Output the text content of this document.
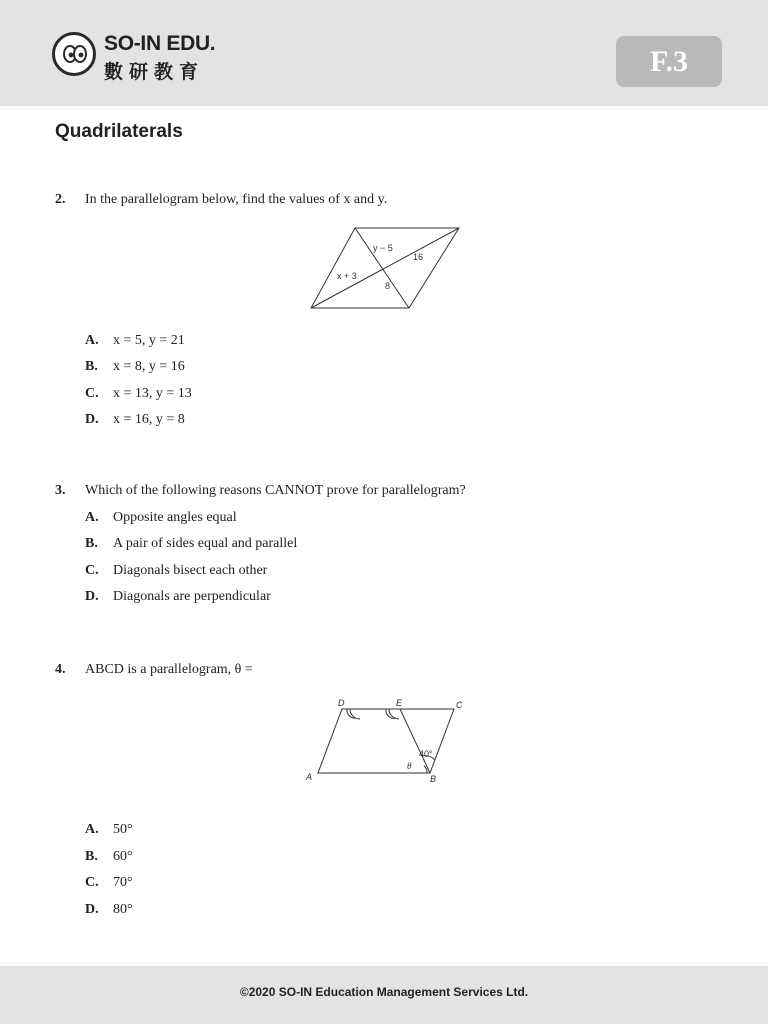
SO-IN EDU.
數研教育	F.3
Quadrilaterals
2. In the parallelogram below, find the values of x and y.
y − 5
16
x + 3
8
A. x = 5, y = 21
B. x = 8, y = 16
C. x = 13, y = 13
D. x = 16, y = 8
3. Which of the following reasons CANNOT prove for parallelogram?
A. Opposite angles equal
B. A pair of sides equal and parallel
C. Diagonals bisect each other
D. Diagonals are perpendicular
4. ABCD is a parallelogram, θ =
D	E	C
A	B
40°
θ
A. 50°
B. 60°
C. 70°
D. 80°
©2020 SO-IN Education Management Services Ltd.
